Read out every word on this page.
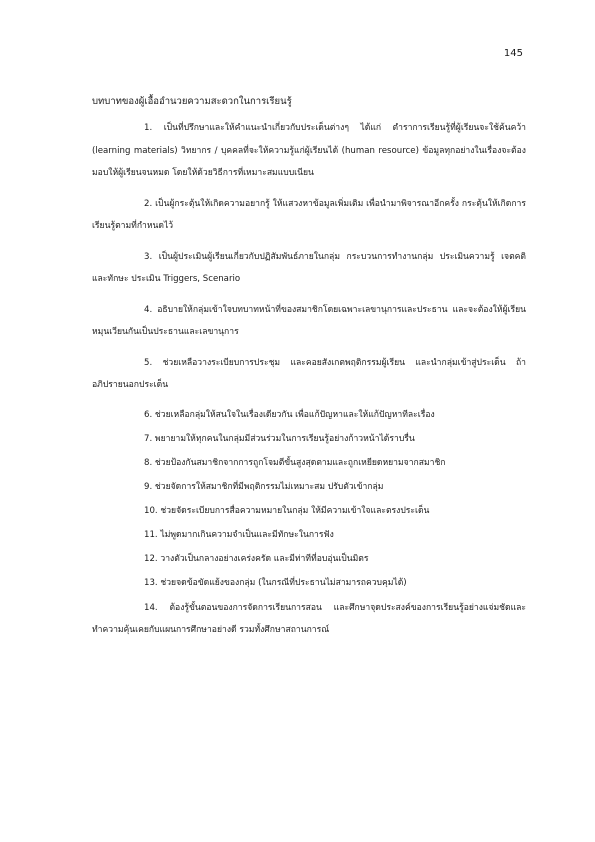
145
บทบาทของผู้เอื้ออำนวยความสะดวกในการเรียนรู้

1. เป็นที่ปรึกษาและให้คำแนะนำเกี่ยวกับประเด็นต่างๆ ได้แก่ ตำราการเรียนรู้ที่ผู้เรียนจะใช้ค้นคว้า (learning materials) วิทยากร / บุคคลที่จะให้ความรู้แก่ผู้เรียนได้ (human resource) ข้อมูลทุกอย่างในเรื่องจะต้องมอบให้ผู้เรียนจนหมด โดยให้ด้วยวิธีการที่เหมาะสมแบบเนียน

2. เป็นผู้กระตุ้นให้เกิดความอยากรู้ ให้แสวงหาข้อมูลเพิ่มเติม เพื่อนำมาพิจารณาอีกครั้ง กระตุ้นให้เกิดการเรียนรู้ตามที่กำหนดไว้

3. เป็นผู้ประเมินผู้เรียนเกี่ยวกับปฏิสัมพันธ์ภายในกลุ่ม กระบวนการทำงานกลุ่ม ประเมินความรู้ เจตคติ และทักษะ ประเมิน Triggers, Scenario

4. อธิบายให้กลุ่มเข้าใจบทบาทหน้าที่ของสมาชิกโดยเฉพาะเลขานุการและประธาน และจะต้องให้ผู้เรียนหมุนเวียนกันเป็นประธานและเลขานุการ

5. ช่วยเหลือวางระเบียบการประชุม และคอยสังเกตพฤติกรรมผู้เรียน และนำกลุ่มเข้าสู่ประเด็น ถ้าอภิปรายนอกประเด็น

6. ช่วยเหลือกลุ่มให้สนใจในเรื่องเดียวกัน เพื่อแก้ปัญหาและให้แก้ปัญหาทีละเรื่อง

7. พยายามให้ทุกคนในกลุ่มมีส่วนร่วมในการเรียนรู้อย่างก้าวหน้าได้ราบรื่น

8. ช่วยป้องกันสมาชิกจากการถูกโจมตีขั้นสูงสุดตามและถูกเหยียดหยามจากสมาชิก

9. ช่วยจัดการให้สมาชิกที่มีพฤติกรรมไม่เหมาะสม ปรับตัวเข้ากลุ่ม

10. ช่วยจัดระเบียบการสื่อความหมายในกลุ่ม ให้มีความเข้าใจและตรงประเด็น

11. ไม่พูดมากเกินความจำเป็นและมีทักษะในการฟัง

12. วางตัวเป็นกลางอย่างเคร่งครัด และมีท่าทีที่อบอุ่นเป็นมิตร

13. ช่วยจดข้อขัดแย้งของกลุ่ม (ในกรณีที่ประธานไม่สามารถควบคุมได้)

14. ต้องรู้ขั้นตอนของการจัดการเรียนการสอน และศึกษาจุดประสงค์ของการเรียนรู้อย่างแจ่มชัดและทำความคุ้นเคยกับแผนการศึกษาอย่างดี รวมทั้งศึกษาสถานการณ์
